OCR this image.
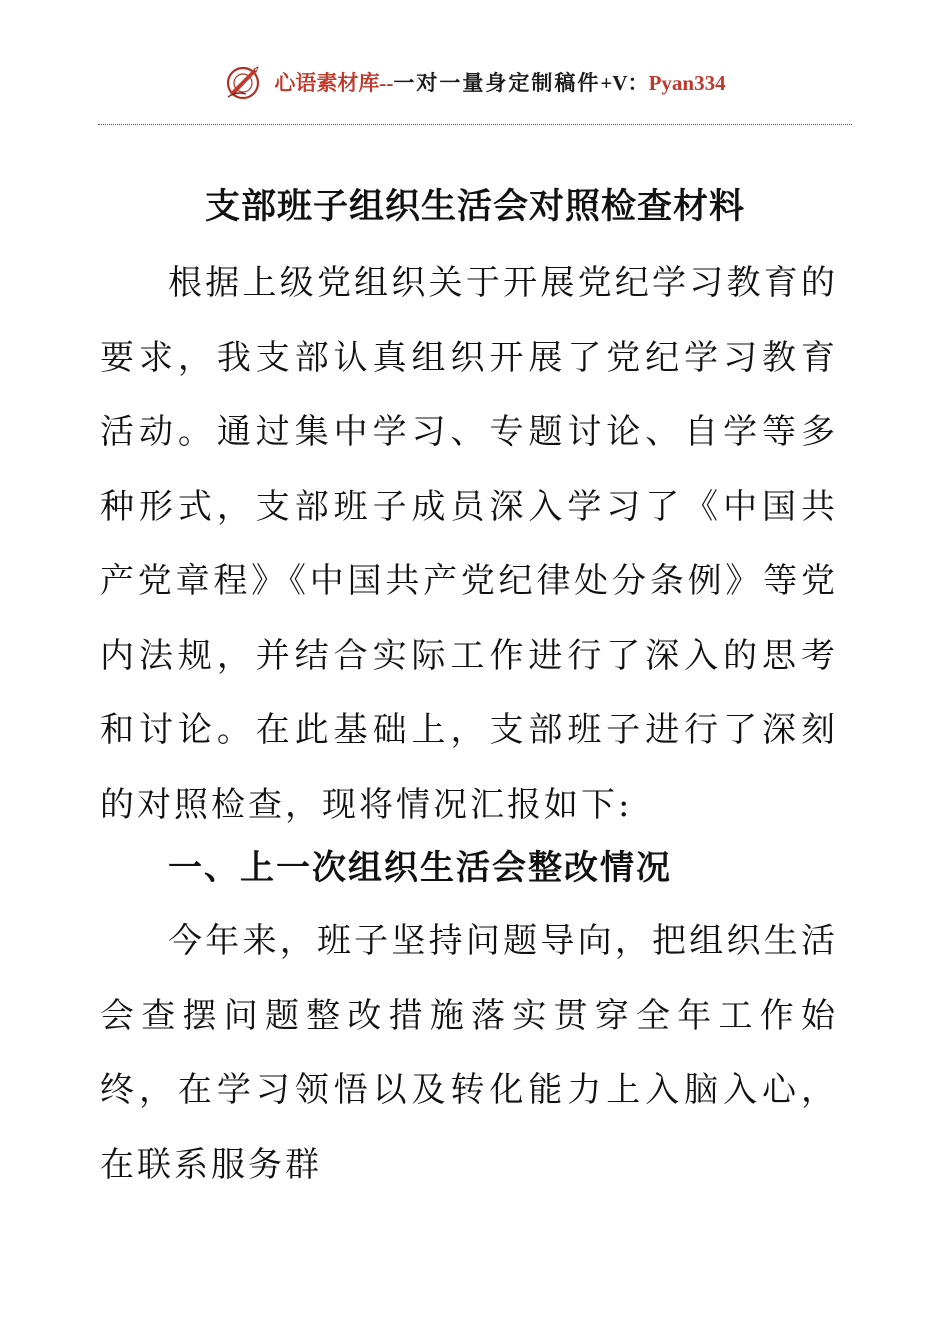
心语素材库--一对一量身定制稿件+V：Pyan334
支部班子组织生活会对照检查材料

根据上级党组织关于开展党纪学习教育的要求，我支部认真组织开展了党纪学习教育活动。通过集中学习、专题讨论、自学等多种形式，支部班子成员深入学习了《中国共产党章程》《中国共产党纪律处分条例》等党内法规，并结合实际工作进行了深入的思考和讨论。在此基础上，支部班子进行了深刻的对照检查，现将情况汇报如下:

一、上一次组织生活会整改情况

今年来，班子坚持问题导向，把组织生活会查摆问题整改措施落实贯穿全年工作始终，在学习领悟以及转化能力上入脑入心，在联系服务群
